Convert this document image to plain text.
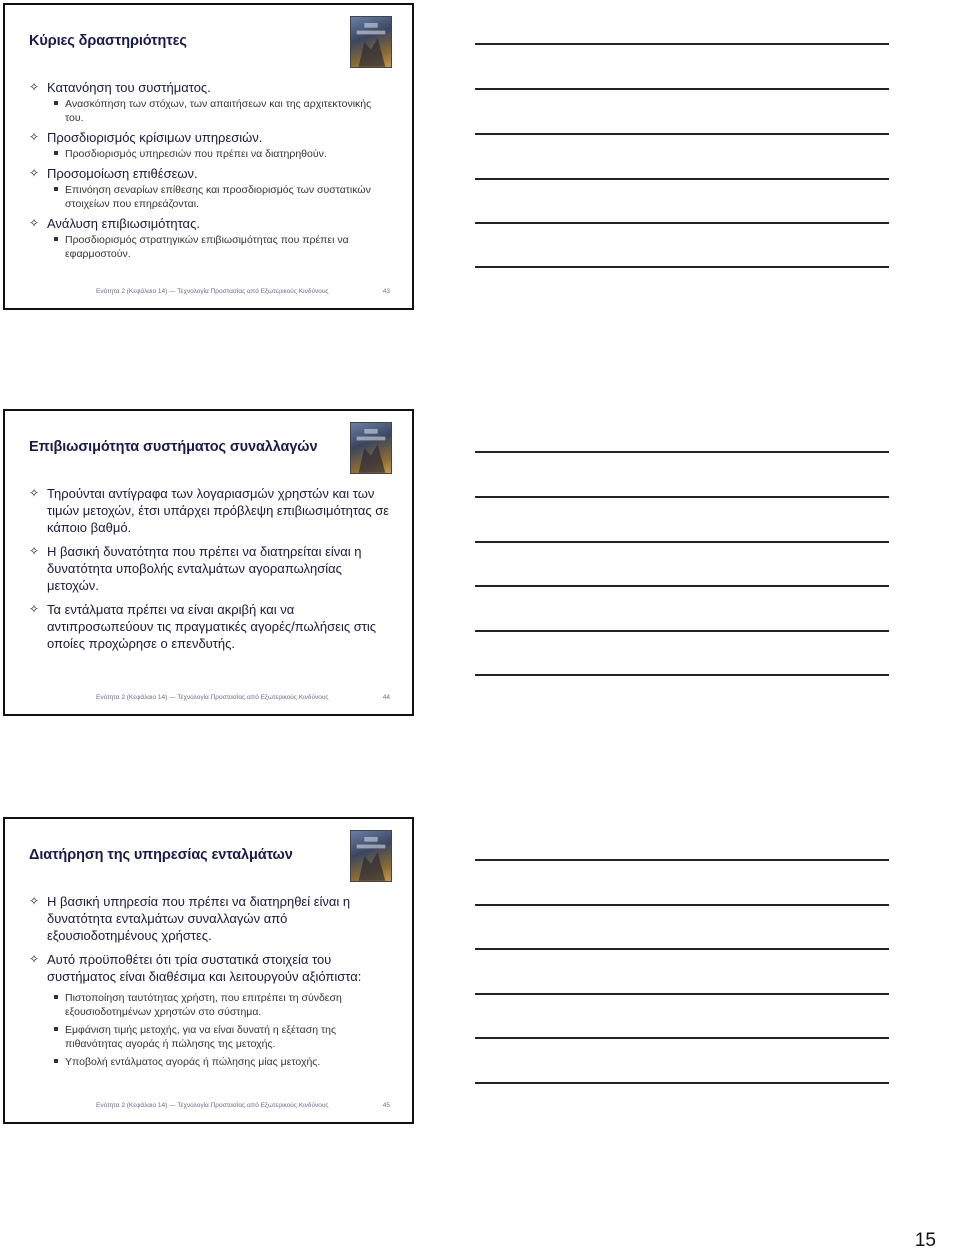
Κύριες δραστηριότητες
✧ Κατανόηση του συστήματος.
Ανασκόπηση των στόχων, των απαιτήσεων και της αρχιτεκτονικής του.
✧ Προσδιορισμός κρίσιμων υπηρεσιών.
Προσδιορισμός υπηρεσιών που πρέπει να διατηρηθούν.
✧ Προσομοίωση επιθέσεων.
Επινόηση σεναρίων επίθεσης και προσδιορισμός των συστατικών στοιχείων που επηρεάζονται.
✧ Ανάλυση επιβιωσιμότητας.
Προσδιορισμός στρατηγικών επιβιωσιμότητας που πρέπει να εφαρμοστούν.
Ενότητα 2 (Κεφάλαιο 14) — Τεχνολογία Προστασίας από Εξωτερικούς Κινδύνους	43
Επιβιωσιμότητα συστήματος συναλλαγών
✧ Τηρούνται αντίγραφα των λογαριασμών χρηστών και των τιμών μετοχών, έτσι υπάρχει πρόβλεψη επιβιωσιμότητας σε κάποιο βαθμό.
✧ Η βασική δυνατότητα που πρέπει να διατηρείται είναι η δυνατότητα υποβολής ενταλμάτων αγοραπωλησίας μετοχών.
✧ Τα εντάλματα πρέπει να είναι ακριβή και να αντιπροσωπεύουν τις πραγματικές αγορές/πωλήσεις στις οποίες προχώρησε ο επενδυτής.
Ενότητα 2 (Κεφάλαιο 14) — Τεχνολογία Προστασίας από Εξωτερικούς Κινδύνους	44
Διατήρηση της υπηρεσίας ενταλμάτων
✧ Η βασική υπηρεσία που πρέπει να διατηρηθεί είναι η δυνατότητα ενταλμάτων συναλλαγών από εξουσιοδοτημένους χρήστες.
✧ Αυτό προϋποθέτει ότι τρία συστατικά στοιχεία του συστήματος είναι διαθέσιμα και λειτουργούν αξιόπιστα:
Πιστοποίηση ταυτότητας χρήστη, που επιτρέπει τη σύνδεση εξουσιοδοτημένων χρηστών στο σύστημα.
Εμφάνιση τιμής μετοχής, για να είναι δυνατή η εξέταση της πιθανότητας αγοράς ή πώλησης της μετοχής.
Υποβολή εντάλματος αγοράς ή πώλησης μίας μετοχής.
Ενότητα 2 (Κεφάλαιο 14) — Τεχνολογία Προστασίας από Εξωτερικούς Κινδύνους	45
15
